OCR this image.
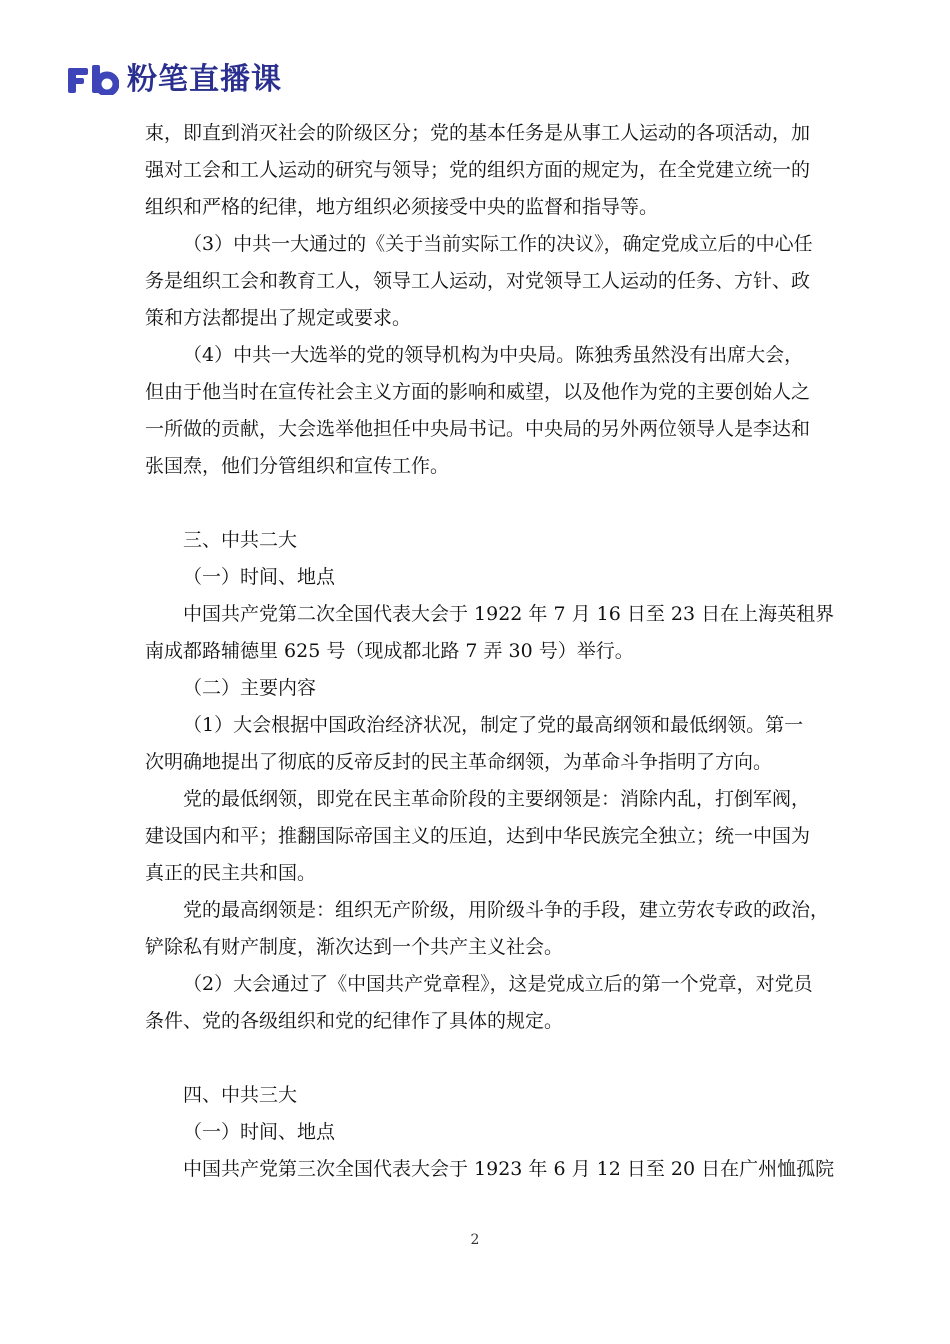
粉笔直播课

束，即直到消灭社会的阶级区分；党的基本任务是从事工人运动的各项活动，加

强对工会和工人运动的研究与领导；党的组织方面的规定为，在全党建立统一的

组织和严格的纪律，地方组织必须接受中央的监督和指导等。

（3）中共一大通过的《关于当前实际工作的决议》，确定党成立后的中心任

务是组织工会和教育工人，领导工人运动，对党领导工人运动的任务、方针、政

策和方法都提出了规定或要求。

（4）中共一大选举的党的领导机构为中央局。陈独秀虽然没有出席大会，

但由于他当时在宣传社会主义方面的影响和威望，以及他作为党的主要创始人之

一所做的贡献，大会选举他担任中央局书记。中央局的另外两位领导人是李达和

张国焘，他们分管组织和宣传工作。

三、中共二大

（一）时间、地点

中国共产党第二次全国代表大会于 1922 年 7 月 16 日至 23 日在上海英租界

南成都路辅德里 625 号（现成都北路 7 弄 30 号）举行。

（二）主要内容

（1）大会根据中国政治经济状况，制定了党的最高纲领和最低纲领。第一

次明确地提出了彻底的反帝反封的民主革命纲领，为革命斗争指明了方向。

党的最低纲领，即党在民主革命阶段的主要纲领是：消除内乱，打倒军阀，

建设国内和平；推翻国际帝国主义的压迫，达到中华民族完全独立；统一中国为

真正的民主共和国。

党的最高纲领是：组织无产阶级，用阶级斗争的手段，建立劳农专政的政治，

铲除私有财产制度，渐次达到一个共产主义社会。

（2）大会通过了《中国共产党章程》，这是党成立后的第一个党章，对党员

条件、党的各级组织和党的纪律作了具体的规定。

四、中共三大

（一）时间、地点

中国共产党第三次全国代表大会于 1923 年 6 月 12 日至 20 日在广州恤孤院

2
